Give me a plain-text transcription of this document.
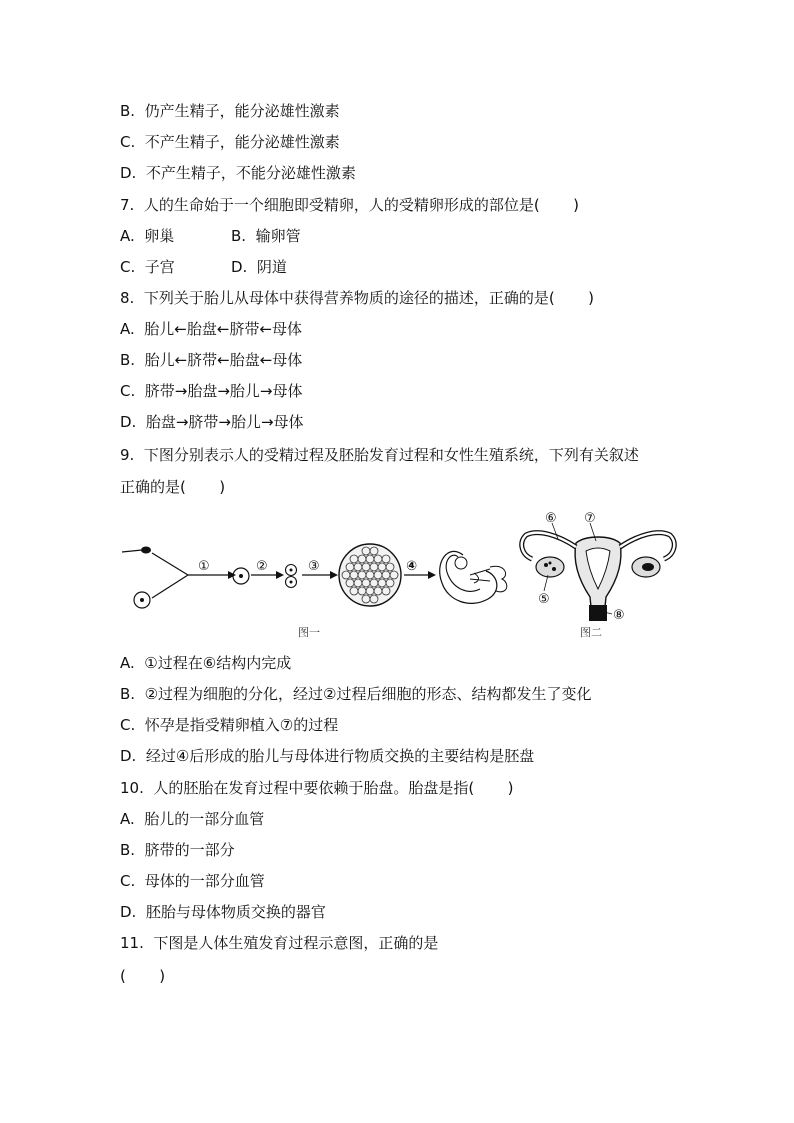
B.  仍产生精子，能分泌雄性激素
C.  不产生精子，能分泌雄性激素
D.  不产生精子，不能分泌雄性激素
7.  人的生命始于一个细胞即受精卵，人的受精卵形成的部位是(       )
A.  卵巢	B.  输卵管
C.  子宫	D.  阴道
8.  下列关于胎儿从母体中获得营养物质的途径的描述，正确的是(       )
A.  胎儿←胎盘←脐带←母体
B.  胎儿←脐带←胎盘←母体
C.  脐带→胎盘→胎儿→母体
D.  胎盘→脐带→胎儿→母体
9.  下图分别表示人的受精过程及胚胎发育过程和女性生殖系统，下列有关叙述
正确的是(       )
①	②	③	④
图一
⑥ ⑦
⑤
⑧
图二
A.  ①过程在⑥结构内完成
B.  ②过程为细胞的分化，经过②过程后细胞的形态、结构都发生了变化
C.  怀孕是指受精卵植入⑦的过程
D.  经过④后形成的胎儿与母体进行物质交换的主要结构是胚盘
10.  人的胚胎在发育过程中要依赖于胎盘。胎盘是指(       )
A.  胎儿的一部分血管
B.  脐带的一部分
C.  母体的一部分血管
D.  胚胎与母体物质交换的器官
11.  下图是人体生殖发育过程示意图，正确的是
(       )
